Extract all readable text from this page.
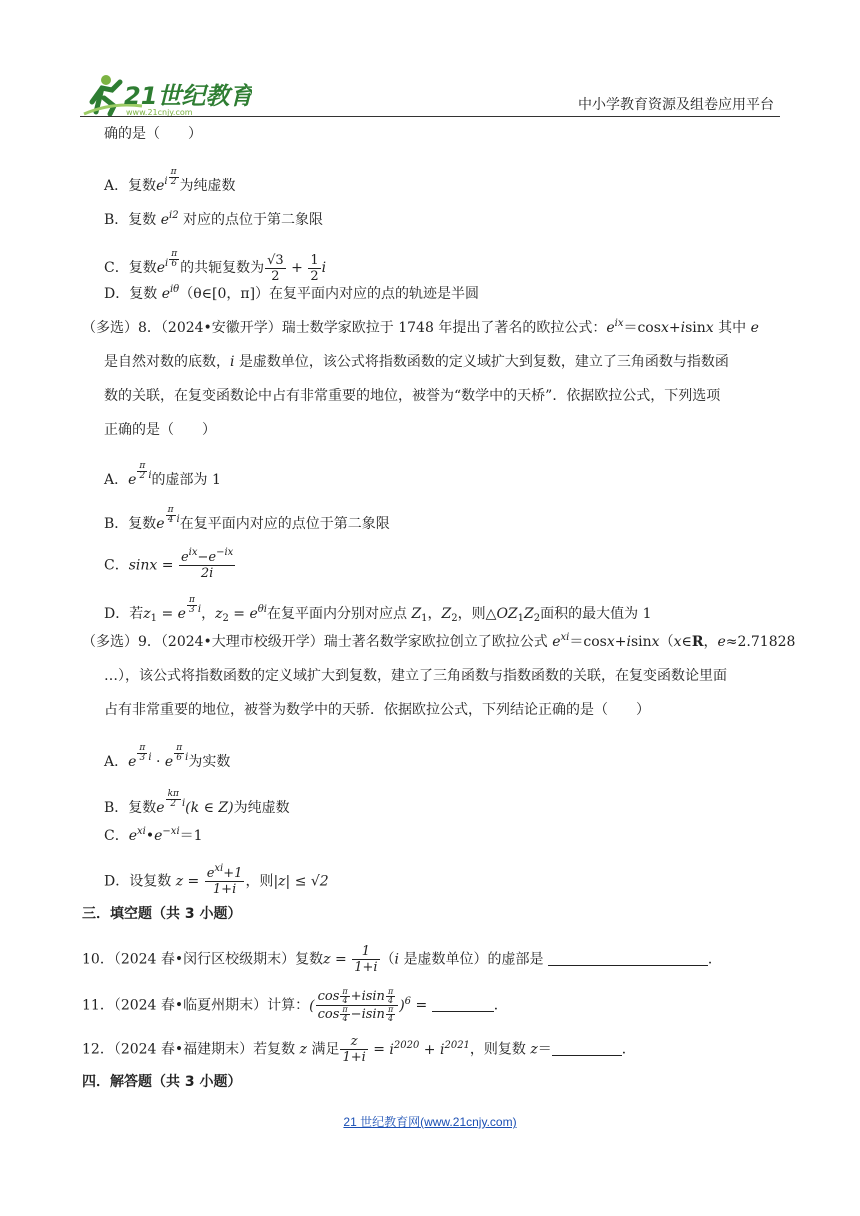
21世纪教育
www.21cnjy.com	中小学教育资源及组卷应用平台
确的是（　　）
A．复数$e^{i \frac{\pi}{2}}$ 为纯虚数
B．复数 $e^{i2}$ 对应的点位于第二象限
C．复数$e^{i \frac{\pi}{6}}$ 的共轭复数为 $\frac{√3}{2} + \frac{1}{2}$ i
D．复数 $e^{i\theta}(\theta\in[0$，π]）在复平面内对应的点的轨迹是半圆
（多选）8．（2024•安徽开学）瑞士数学家欧拉于 1748 年提出了著名的欧拉公式：$e^{ix}=\cos x+isinx$ 其中 e
是自然对数的底数，i 是虚数单位，该公式将指数函数的定义域扩大到复数，建立了三角函数与指数函
数的关联，在复变函数论中占有非常重要的地位，被誉为“数学中的天桥”．依据欧拉公式，下列选项
正确的是（　　）
A．e $^{\frac{\pi}{2} i}$的虚部为 1
B．复数e $^{\frac{\pi}{4} i}$在复平面内对应的点位于第二象限
C．$\sin x = \frac{e^{ix}-e^{-ix}}{2i}$
D．若$z_1 = e$ $^{\frac{\pi}{3} i}$，$z_2 = e^{\theta i}$在复平面内分别对应点 $Z_1$，$Z_2$，则$\triangle OZ_1Z_2$面积的最大值为 1
（多选）9．（2024•大理市校级开学）瑞士著名数学家欧拉创立了欧拉公式 $e^{xi}=\cos x+isinx(x\in R$，e≈2.71828
…），该公式将指数函数的定义域扩大到复数，建立了三角函数与指数函数的关联，在复变函数论里面
占有非常重要的地位，被誉为数学中的天骄．依据欧拉公式，下列结论正确的是（　　）
A．e $^{\frac{\pi}{3} i}$ · e $^{\frac{\pi}{6} i}$为实数
B．复数e $^{\frac{k\pi}{2} i}$(k ∈ Z)为纯虚数
C．$e^{xi}•e^{-xi}=1$
D．设复数 $z = \frac{e^{xi}+1}{1+i}$ ，则|z| ≤ √2
三．填空题（共 3 小题）
10．（2024 春•闵行区校级期末）复数$z = \frac{1}{1+i} (i$ 是虚数单位）的虚部是	．
11．（2024 春•临夏州期末）计算：( $\frac{\cos \frac{\pi}{4} +isin \frac{\pi}{4}}{\cos \frac{\pi}{4} -isin \frac{\pi}{4}} )^6$ =	．
12．（2024 春•福建期末）若复数 z 满足 $\frac{z}{1+i} = i^{2020} + i^{2021}$，则复数 z＝	．
四．解答题（共 3 小题）
21 世纪教育网(www.21cnjy.com)
